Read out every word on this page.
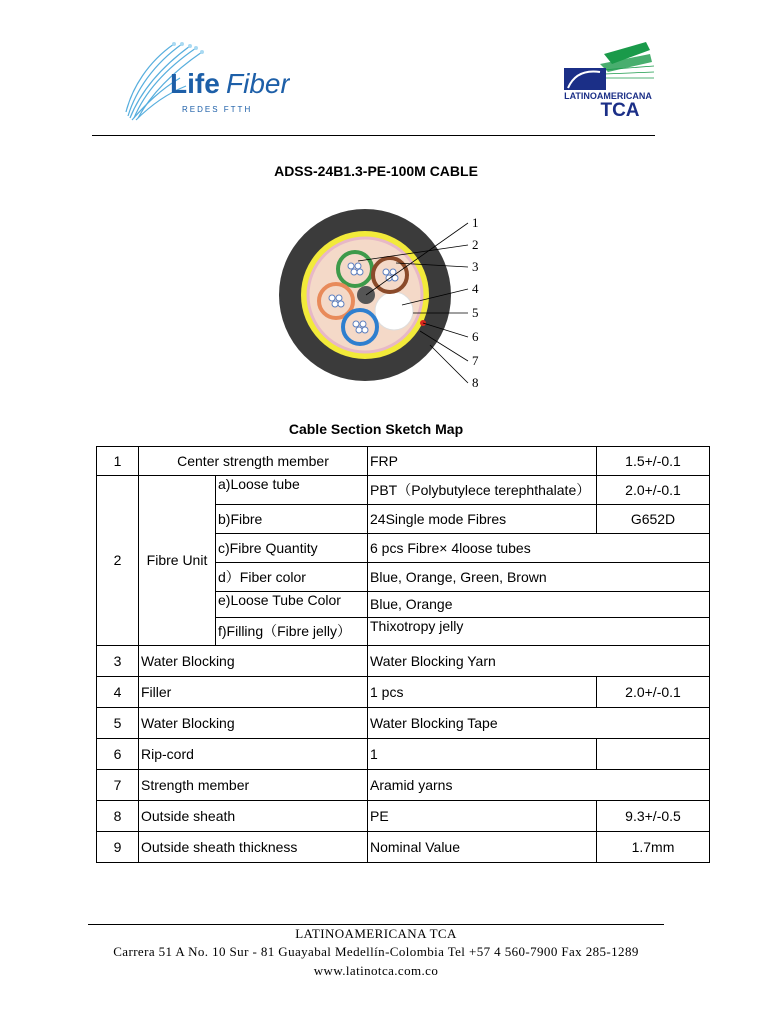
Life Fiber
REDES FTTH
LATINOAMERICANA
TCA
ADSS-24B1.3-PE-100M CABLE
1
2
3
4
5
6
7
8
Cable Section Sketch Map
1	Center strength member		FRP	1.5+/-0.1
2	Fibre Unit	a)Loose tube	PBT（Polybutylece terephthalate）	2.0+/-0.1
		b)Fibre	24Single mode Fibres	G652D
		c)Fibre Quantity	6 pcs Fibre× 4loose tubes	
		d）Fiber color	Blue, Orange, Green, Brown	
		e)Loose Tube Color	Blue, Orange	
		f)Filling（Fibre jelly）	Thixotropy jelly	
3	Water Blocking		Water Blocking Yarn	
4	Filler		1 pcs	2.0+/-0.1
5	Water Blocking		Water Blocking Tape	
6	Rip-cord		1	
7	Strength member		Aramid yarns	
8	Outside sheath		PE	9.3+/-0.5
9	Outside sheath thickness		Nominal Value	1.7mm
LATINOAMERICANA TCA
Carrera 51 A No. 10 Sur - 81 Guayabal Medellín-Colombia Tel +57 4 560-7900 Fax 285-1289
www.latinotca.com.co
